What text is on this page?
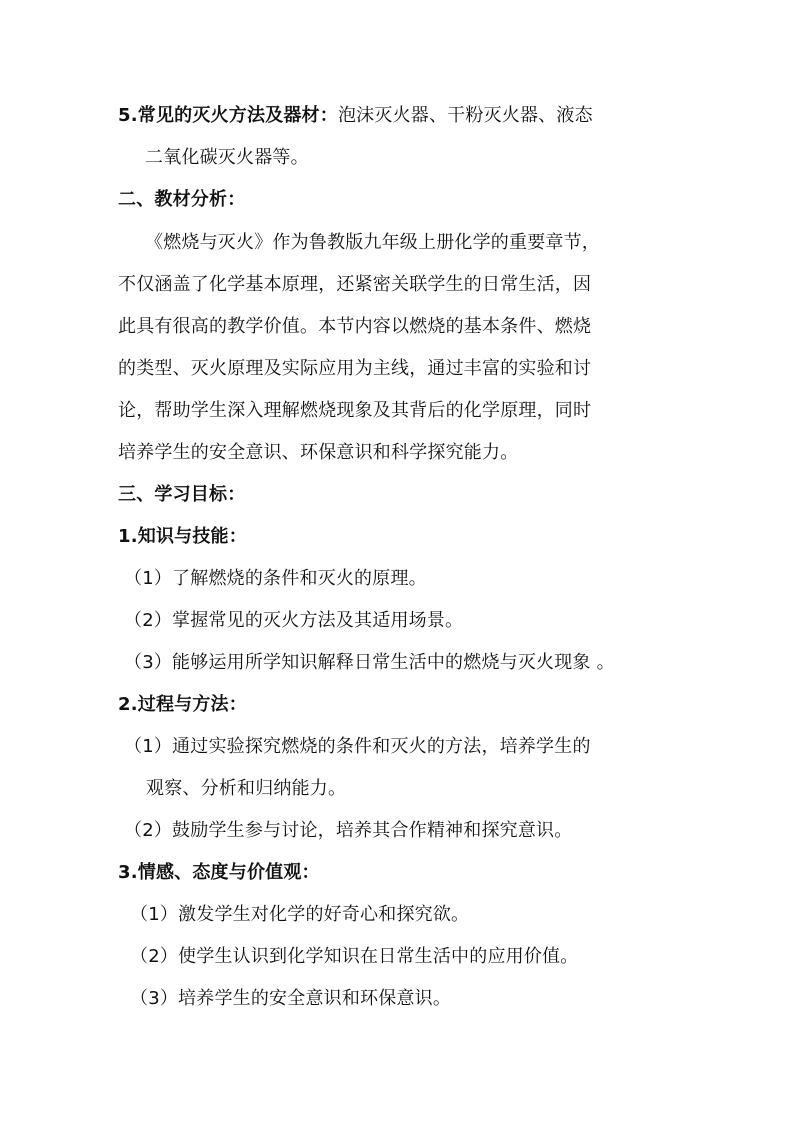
5.常见的灭火方法及器材：泡沫灭火器、干粉灭火器、液态
二氧化碳灭火器等。
二、教材分析：
《燃烧与灭火》作为鲁教版九年级上册化学的重要章节，
不仅涵盖了化学基本原理，还紧密关联学生的日常生活，因
此具有很高的教学价值。本节内容以燃烧的基本条件、燃烧
的类型、灭火原理及实际应用为主线，通过丰富的实验和讨
论，帮助学生深入理解燃烧现象及其背后的化学原理，同时
培养学生的安全意识、环保意识和科学探究能力。
三、学习目标：
1.知识与技能：
（1）了解燃烧的条件和灭火的原理。
（2）掌握常见的灭火方法及其适用场景。
（3）能够运用所学知识解释日常生活中的燃烧与灭火现象 。
2.过程与方法：
（1）通过实验探究燃烧的条件和灭火的方法，培养学生的
观察、分析和归纳能力。
（2）鼓励学生参与讨论，培养其合作精神和探究意识。
3.情感、态度与价值观：
（1）激发学生对化学的好奇心和探究欲。
（2）使学生认识到化学知识在日常生活中的应用价值。
（3）培养学生的安全意识和环保意识。
